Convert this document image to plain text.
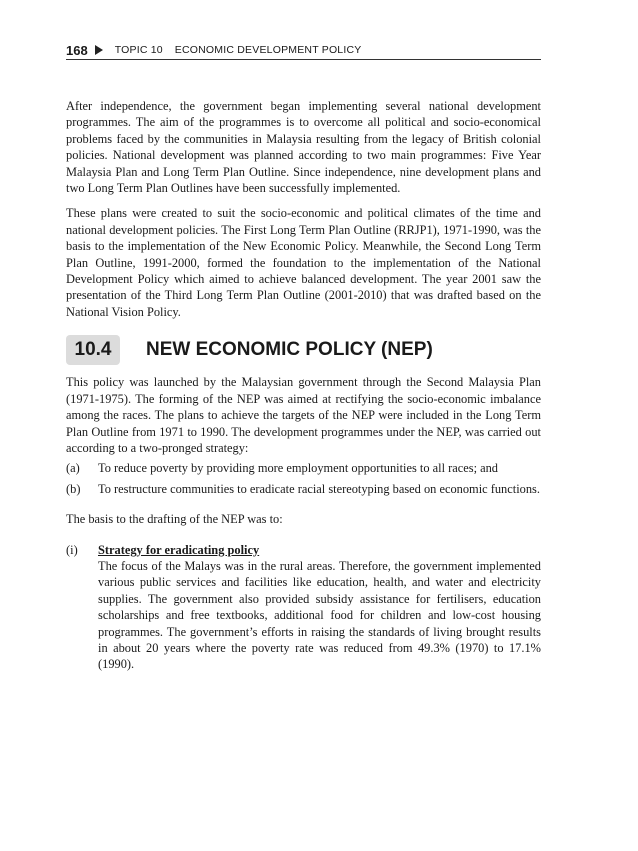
168	TOPIC 10 ECONOMIC DEVELOPMENT POLICY

After independence, the government began implementing several national development programmes. The aim of the programmes is to overcome all political and socio-economical problems faced by the communities in Malaysia resulting from the legacy of British colonial policies. National development was planned according to two main programmes: Five Year Malaysia Plan and Long Term Plan Outline. Since independence, nine development plans and two Long Term Plan Outlines have been successfully implemented.

These plans were created to suit the socio-economic and political climates of the time and national development policies. The First Long Term Plan Outline (RRJP1), 1971-1990, was the basis to the implementation of the New Economic Policy. Meanwhile, the Second Long Term Plan Outline, 1991-2000, formed the foundation to the implementation of the National Development Policy which aimed to achieve balanced development. The year 2001 saw the presentation of the Third Long Term Plan Outline (2001-2010) that was drafted based on the National Vision Policy.

10.4	NEW ECONOMIC POLICY (NEP)

This policy was launched by the Malaysian government through the Second Malaysia Plan (1971-1975). The forming of the NEP was aimed at rectifying the socio-economic imbalance among the races. The plans to achieve the targets of the NEP were included in the Long Term Plan Outline from 1971 to 1990. The development programmes under the NEP, was carried out according to a two-pronged strategy:

(a)	To reduce poverty by providing more employment opportunities to all races; and

(b)	To restructure communities to eradicate racial stereotyping based on economic functions.

The basis to the drafting of the NEP was to:

(i)	Strategy for eradicating policy

The focus of the Malays was in the rural areas. Therefore, the government implemented various public services and facilities like education, health, and water and electricity supplies. The government also provided subsidy assistance for fertilisers, education scholarships and free textbooks, additional food for children and low-cost housing programmes. The government’s efforts in raising the standards of living brought results in about 20 years where the poverty rate was reduced from 49.3% (1970) to 17.1% (1990).
